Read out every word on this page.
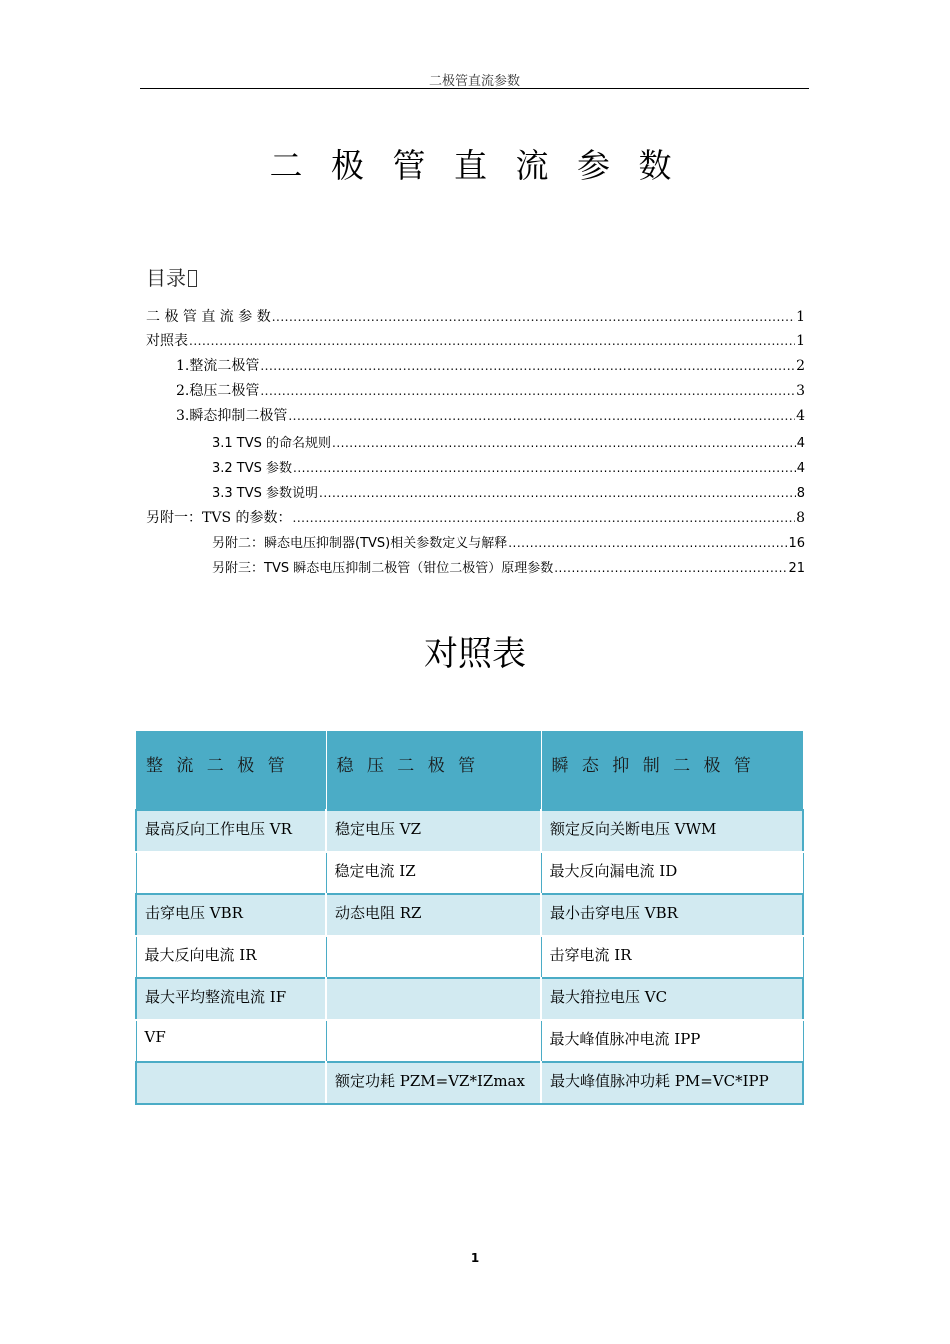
二极管直流参数
二 极 管 直 流 参 数
目录
二 极 管 直 流 参 数 .....	1
对照表 .....	1
1.整流二极管 .....	2
2.稳压二极管 .....	3
3.瞬态抑制二极管 .....	4
3.1 TVS 的命名规则 .....	4
3.2 TVS 参数 .....	4
3.3 TVS 参数说明 .....	8
另附一：TVS 的参数： .....	8
另附二：瞬态电压抑制器(TVS)相关参数定义与解释 .....	16
另附三：TVS 瞬态电压抑制二极管（钳位二极管）原理参数 .....	21
对照表
整 流 二 极 管	稳 压 二 极 管	瞬 态 抑 制 二 极 管
最高反向工作电压 VR	稳定电压 VZ	额定反向关断电压 VWM
	稳定电流 IZ	最大反向漏电流 ID
击穿电压 VBR	动态电阻 RZ	最小击穿电压 VBR
最大反向电流 IR		击穿电流 IR
最大平均整流电流 IF		最大箝拉电压 VC
VF		最大峰值脉冲电流 IPP
	额定功耗 PZM=VZ*IZmax	最大峰值脉冲功耗 PM=VC*IPP
1
